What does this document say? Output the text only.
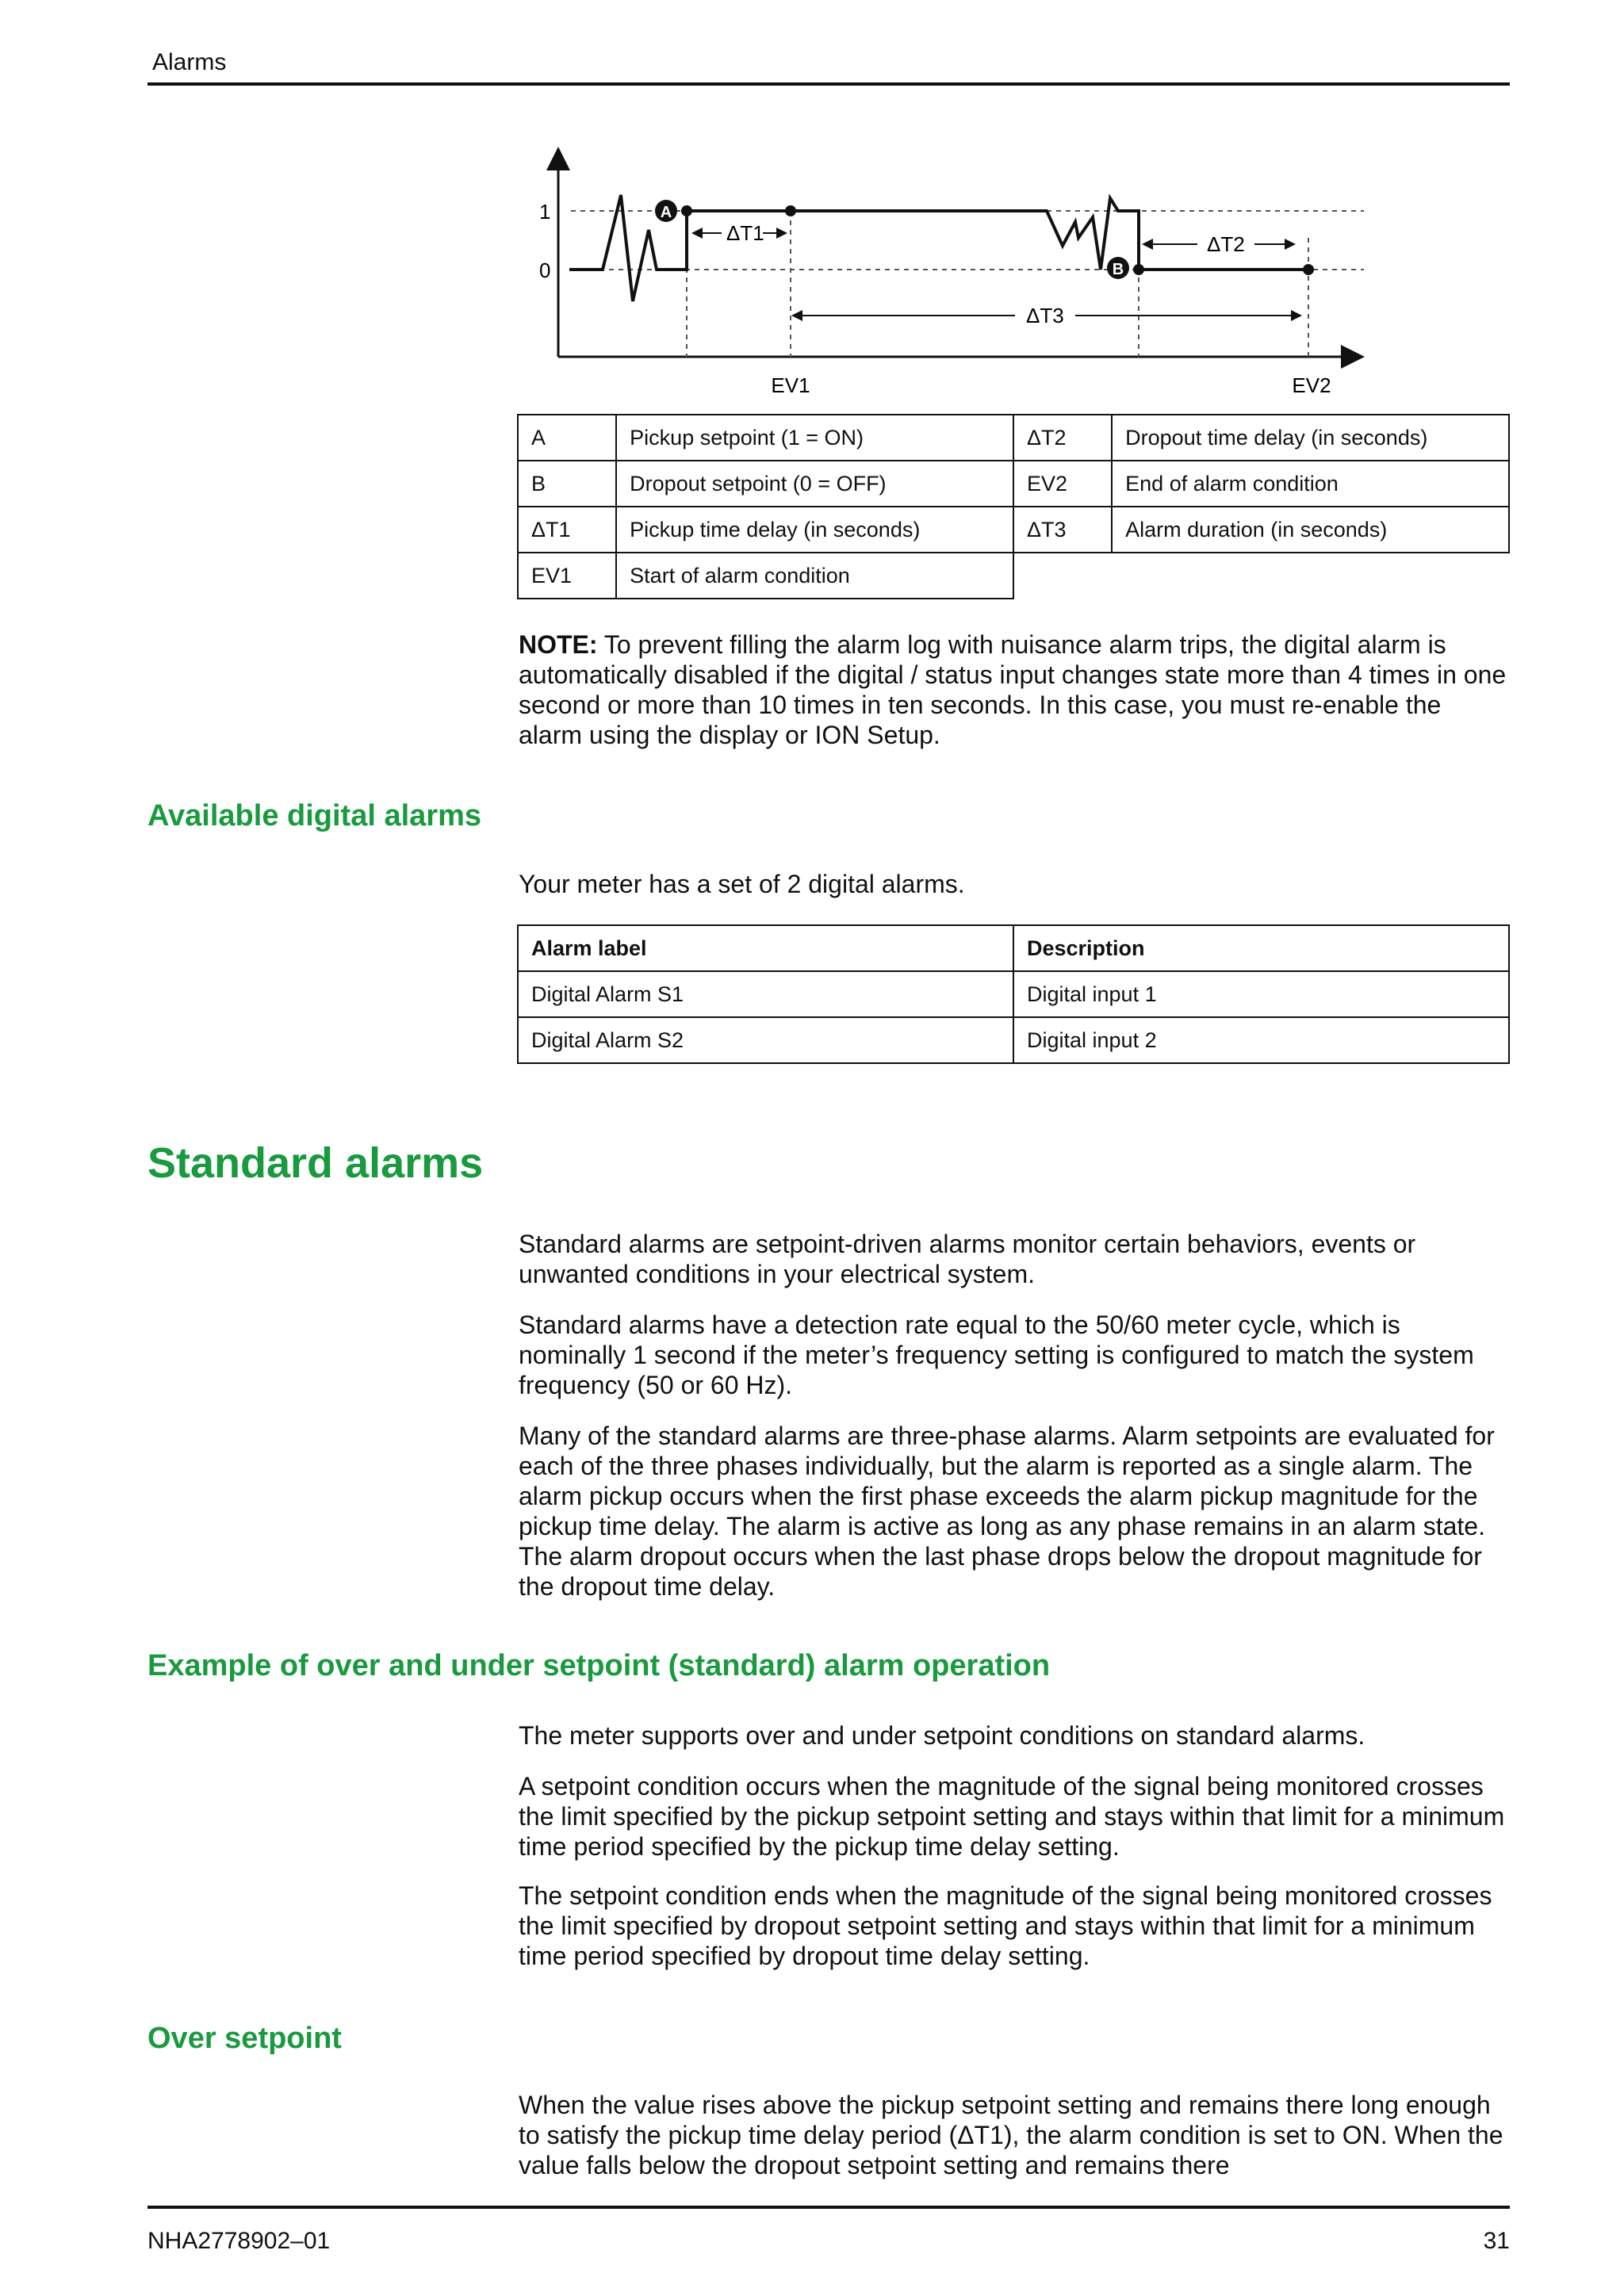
Alarms
1
0
A
B
ΔT1	ΔT2
ΔT3
EV1	EV2
A	Pickup setpoint (1 = ON)	ΔT2	Dropout time delay (in seconds)
B	Dropout setpoint (0 = OFF)	EV2	End of alarm condition
ΔT1	Pickup time delay (in seconds)	ΔT3	Alarm duration (in seconds)
EV1	Start of alarm condition		

NOTE: To prevent filling the alarm log with nuisance alarm trips, the digital alarm is automatically disabled if the digital / status input changes state more than 4 times in one second or more than 10 times in ten seconds. In this case, you must re-enable the alarm using the display or ION Setup.

Available digital alarms

Your meter has a set of 2 digital alarms.

Alarm label	Description
Digital Alarm S1	Digital input 1
Digital Alarm S2	Digital input 2
Standard alarms

Standard alarms are setpoint-driven alarms monitor certain behaviors, events or unwanted conditions in your electrical system.

Standard alarms have a detection rate equal to the 50/60 meter cycle, which is nominally 1 second if the meter’s frequency setting is configured to match the system frequency (50 or 60 Hz).

Many of the standard alarms are three-phase alarms. Alarm setpoints are evaluated for each of the three phases individually, but the alarm is reported as a single alarm. The alarm pickup occurs when the first phase exceeds the alarm pickup magnitude for the pickup time delay. The alarm is active as long as any phase remains in an alarm state. The alarm dropout occurs when the last phase drops below the dropout magnitude for the dropout time delay.

Example of over and under setpoint (standard) alarm operation

The meter supports over and under setpoint conditions on standard alarms.

A setpoint condition occurs when the magnitude of the signal being monitored crosses the limit specified by the pickup setpoint setting and stays within that limit for a minimum time period specified by the pickup time delay setting.

The setpoint condition ends when the magnitude of the signal being monitored crosses the limit specified by dropout setpoint setting and stays within that limit for a minimum time period specified by dropout time delay setting.

Over setpoint

When the value rises above the pickup setpoint setting and remains there long enough to satisfy the pickup time delay period (ΔT1), the alarm condition is set to ON. When the value falls below the dropout setpoint setting and remains there

NHA2778902–01	31
